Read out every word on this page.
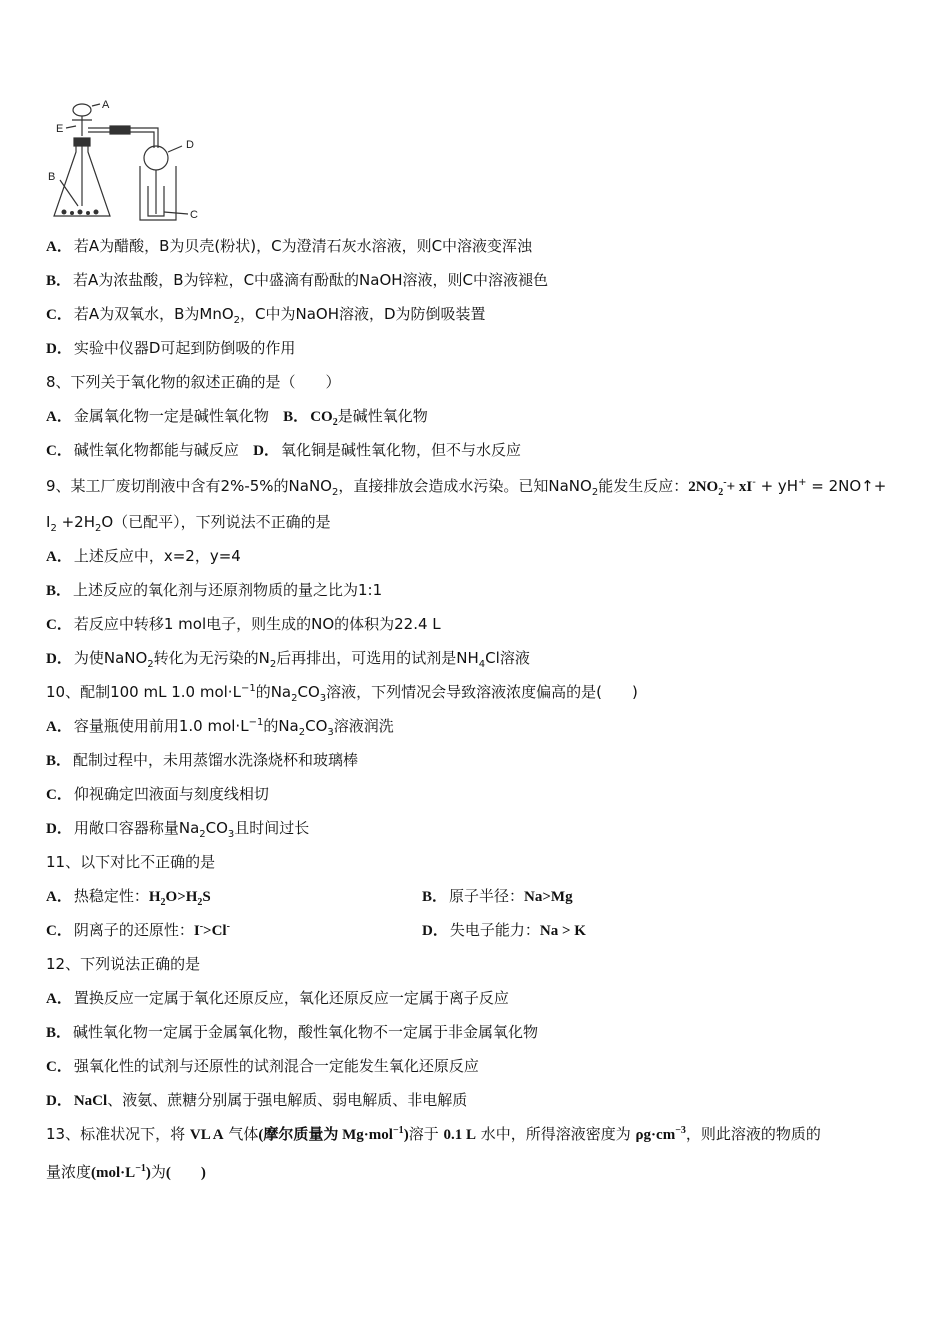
A
E
B
D
C
A． 若A为醋酸，B为贝壳(粉状)，C为澄清石灰水溶液，则C中溶液变浑浊
B． 若A为浓盐酸，B为锌粒，C中盛滴有酚酞的NaOH溶液，则C中溶液褪色
C． 若A为双氧水，B为MnO$_2$，C中为NaOH溶液，D为防倒吸装置
D． 实验中仪器D可起到防倒吸的作用
8、下列关于氧化物的叙述正确的是（　　）
A． 金属氧化物一定是碱性氧化物 B． $CO_2$是碱性氧化物
C． 碱性氧化物都能与碱反应 D． 氧化铜是碱性氧化物，但不与水反应
9、某工厂废切削液中含有2%-5%的NaNO$_2$，直接排放会造成水污染。已知NaNO$_2$能发生反应：$2NO_2^-+ xI^- + yH^+$ = 2NO↑+
$I_2 +2H_2O$（已配平），下列说法不正确的是
A． 上述反应中，x=2，y=4
B． 上述反应的氧化剂与还原剂物质的量之比为1:1
C． 若反应中转移1 mol电子，则生成的NO的体积为22.4 L
D． 为使NaNO$_2$转化为无污染的$N_2$后再排出，可选用的试剂是$NH_4Cl$溶液
10、配制100 mL 1.0 $mol\cdot L^{-1}$的$Na_2CO_3$溶液，下列情况会导致溶液浓度偏高的是(　　)
A． 容量瓶使用前用1.0 $mol\cdot L^{-1}$的$Na_2CO_3$溶液润洗
B． 配制过程中，未用蒸馏水洗涤烧杯和玻璃棒
C． 仰视确定凹液面与刻度线相切
D． 用敞口容器称量$Na_2CO_3$且时间过长
11、以下对比不正确的是
A． 热稳定性：$H_2O>H_2S$	B． 原子半径：Na>Mg
C． 阴离子的还原性：I->Cl-	D． 失电子能力：Na > K
12、下列说法正确的是
A． 置换反应一定属于氧化还原反应，氧化还原反应一定属于离子反应
B． 碱性氧化物一定属于金属氧化物，酸性氧化物不一定属于非金属氧化物
C． 强氧化性的试剂与还原性的试剂混合一定能发生氧化还原反应
D． NaCl、液氨、蔗糖分别属于强电解质、弱电解质、非电解质
13、标准状况下，将 VL A 气体(摩尔质量为 Mg·mol$^{-1}$)溶于 0.1 L 水中，所得溶液密度为 $\rho g\cdot cm^{-3}$，则此溶液的物质的
量浓度$(mol\cdot L^{-1})$为(　　)
